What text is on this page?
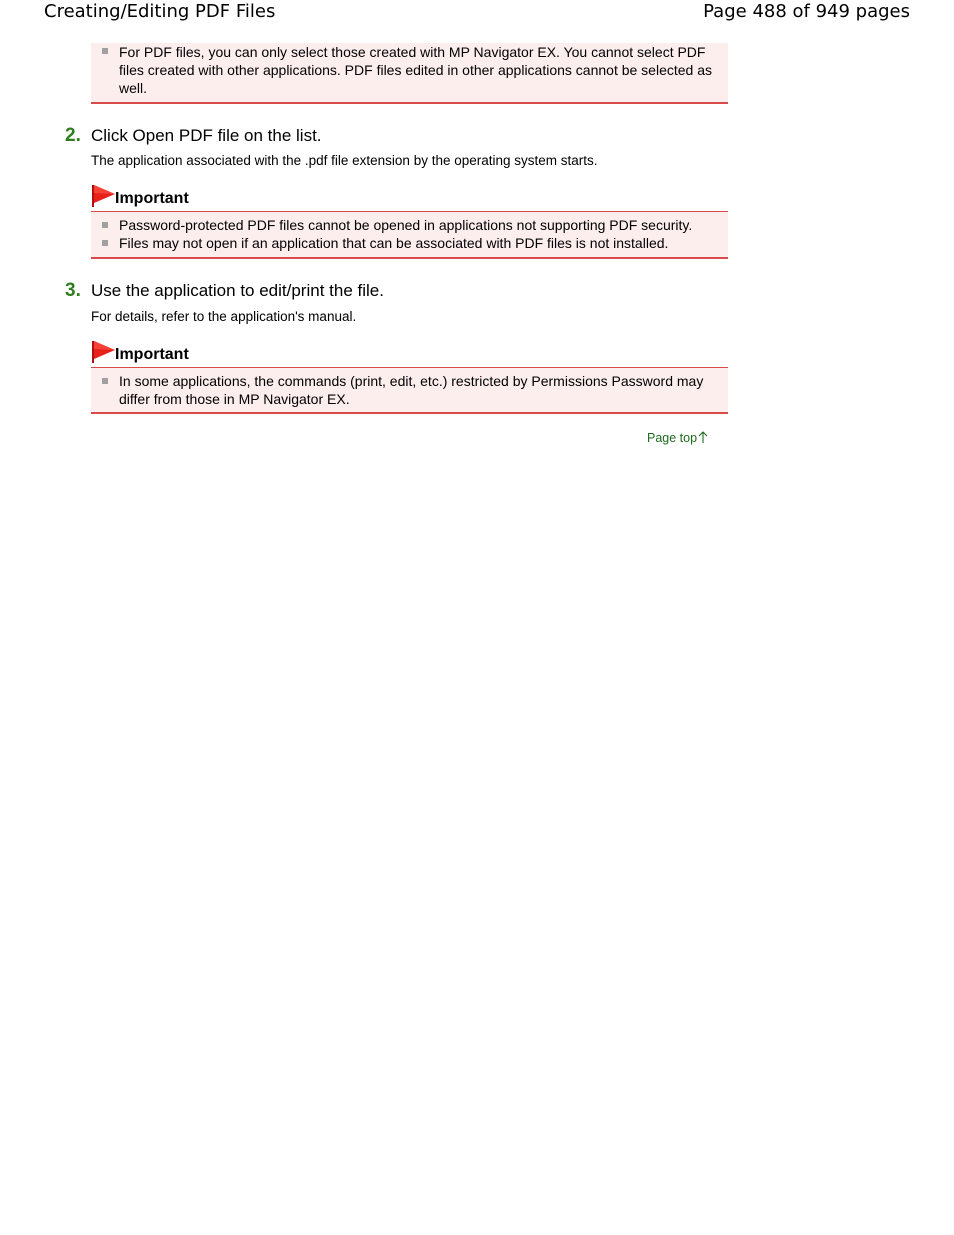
Creating/Editing PDF Files	Page 488 of 949 pages
For PDF files, you can only select those created with MP Navigator EX. You cannot select PDF files created with other applications. PDF files edited in other applications cannot be selected as well.
2. Click Open PDF file on the list.
The application associated with the .pdf file extension by the operating system starts.
Important
Password-protected PDF files cannot be opened in applications not supporting PDF security.
Files may not open if an application that can be associated with PDF files is not installed.
3. Use the application to edit/print the file.
For details, refer to the application's manual.
Important
In some applications, the commands (print, edit, etc.) restricted by Permissions Password may differ from those in MP Navigator EX.
Page top
